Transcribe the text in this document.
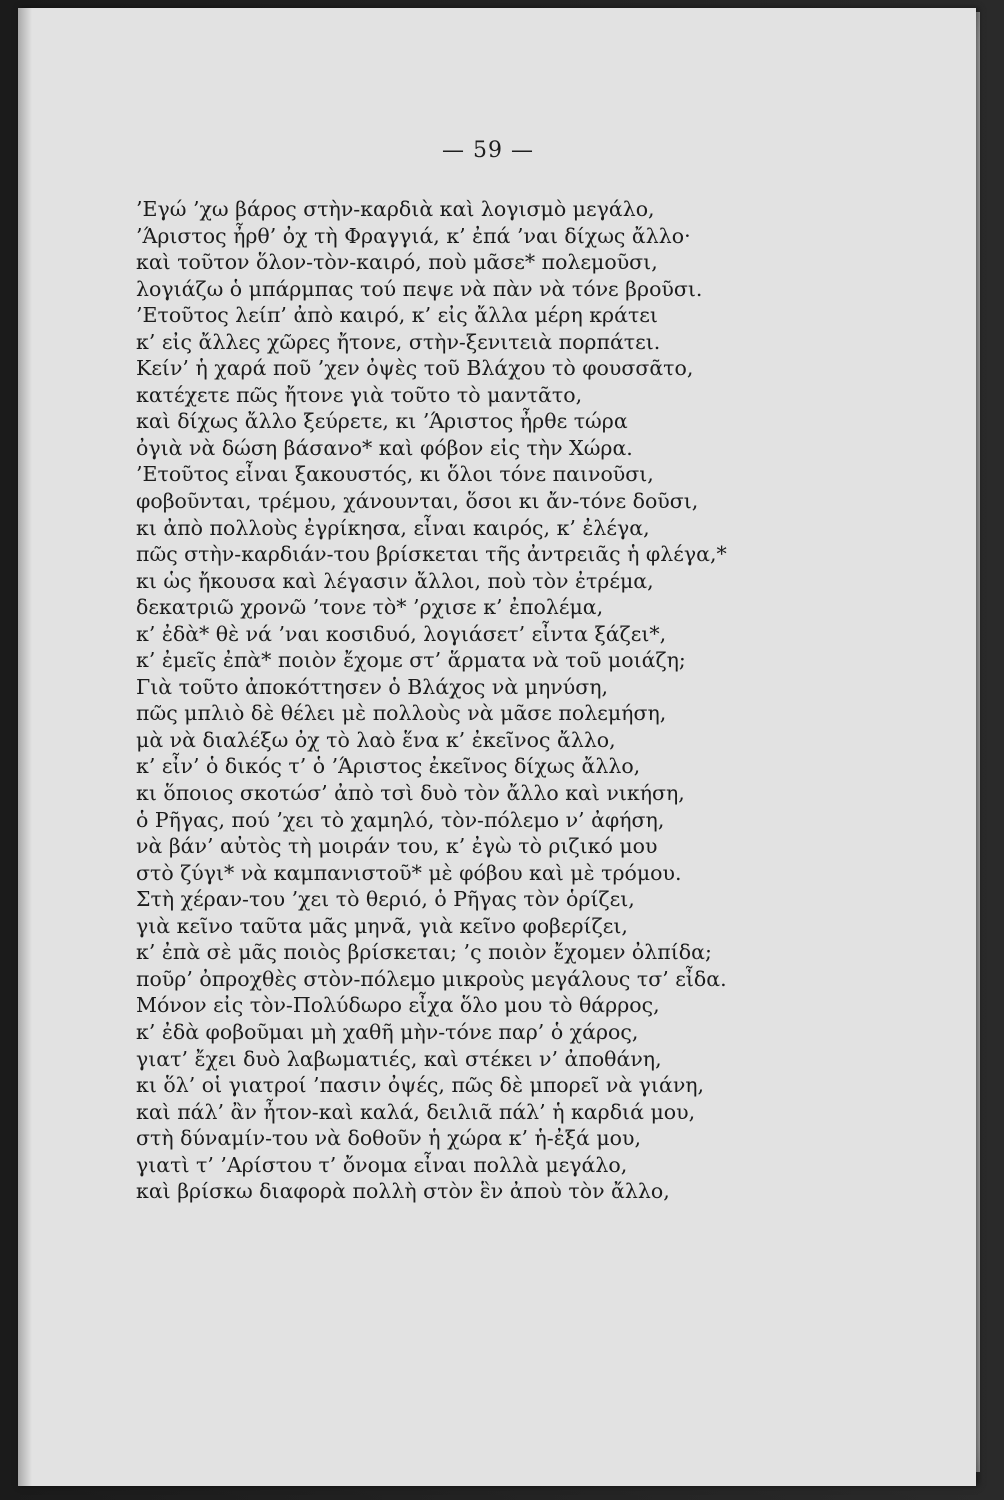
— 59 —
’Εγώ ’χω βάρος στὴν-καρδιὰ καὶ λογισμὸ μεγάλο,
’Άριστος ἦρθ’ ὀχ τὴ Φραγγιά, κ’ ἐπά ’ναι δίχως ἄλλο·
καὶ τοῦτον ὅλον-τὸν-καιρό, ποὺ μᾶσε* πολεμοῦσι,
λογιάζω ὁ μπάρμπας τού πεψε νὰ πὰν νὰ τόνε βροῦσι.
’Ετοῦτος λείπ’ ἀπὸ καιρό, κ’ εἰς ἄλλα μέρη κράτει
κ’ εἰς ἄλλες χῶρες ἤτονε, στὴν-ξενιτειὰ πορπάτει.
Κείν’ ἡ χαρά ποῦ ’χεν ὀψὲς τοῦ Βλάχου τὸ φουσσᾶτο,
κατέχετε πῶς ἤτονε γιὰ τοῦτο τὸ μαντᾶτο,
καὶ δίχως ἄλλο ξεύρετε, κι ’Άριστος ἦρθε τώρα
ὀγιὰ νὰ δώση βάσανο* καὶ φόβον εἰς τὴν Χώρα.
’Ετοῦτος εἶναι ξακουστός, κι ὅλοι τόνε παινοῦσι,
φοβοῦνται, τρέμου, χάνουνται, ὅσοι κι ἄν-τόνε δοῦσι,
κι ἀπὸ πολλοὺς ἐγρίκησα, εἶναι καιρός, κ’ ἐλέγα,
πῶς στὴν-καρδιάν-του βρίσκεται τῆς ἀντρειᾶς ἡ φλέγα,*
κι ὡς ἤκουσα καὶ λέγασιν ἄλλοι, ποὺ τὸν ἐτρέμα,
δεκατριῶ χρονῶ ’τονε τὸ* ’ρχισε κ’ ἐπολέμα,
κ’ ἐδὰ* θὲ νά ’ναι κοσιδυό, λογιάσετ’ εἶντα ξάζει*,
κ’ ἐμεῖς ἐπὰ* ποιὸν ἔχομε στ’ ἅρματα νὰ τοῦ μοιάζη;
Γιὰ τοῦτο ἀποκόττησεν ὁ Βλάχος νὰ μηνύση,
πῶς μπλιὸ δὲ θέλει μὲ πολλοὺς νὰ μᾶσε πολεμήση,
μὰ νὰ διαλέξω ὀχ τὸ λαὸ ἕνα κ’ ἐκεῖνος ἄλλο,
κ’ εἶν’ ὁ δικός τ’ ὁ ’Άριστος ἐκεῖνος δίχως ἄλλο,
κι ὅποιος σκοτώσ’ ἀπὸ τσὶ δυὸ τὸν ἄλλο καὶ νικήση,
ὁ Ρῆγας, πού ’χει τὸ χαμηλό, τὸν-πόλεμο ν’ ἀφήση,
νὰ βάν’ αὐτὸς τὴ μοιράν του, κ’ ἐγὼ τὸ ριζικό μου
στὸ ζύγι* νὰ καμπανιστοῦ* μὲ φόβου καὶ μὲ τρόμου.
Στὴ χέραν-του ’χει τὸ θεριό, ὁ Ρῆγας τὸν ὁρίζει,
γιὰ κεῖνο ταῦτα μᾶς μηνᾶ, γιὰ κεῖνο φοβερίζει,
κ’ ἐπὰ σὲ μᾶς ποιὸς βρίσκεται; ’ς ποιὸν ἔχομεν ὀλπίδα;
ποῦρ’ ὀπροχθὲς στὸν-πόλεμο μικροὺς μεγάλους τσ’ εἶδα.
Μόνον εἰς τὸν-Πολύδωρο εἶχα ὅλο μου τὸ θάρρος,
κ’ ἐδὰ φοβοῦμαι μὴ χαθῆ μὴν-τόνε παρ’ ὁ χάρος,
γιατ’ ἔχει δυὸ λαβωματιές, καὶ στέκει ν’ ἀποθάνη,
κι ὅλ’ οἱ γιατροί ’πασιν ὀψές, πῶς δὲ μπορεῖ νὰ γιάνη,
καὶ πάλ’ ἂν ἦτον-καὶ καλά, δειλιᾶ πάλ’ ἡ καρδιά μου,
στὴ δύναμίν-του νὰ δοθοῦν ἡ χώρα κ’ ἡ-ἐξά μου,
γιατὶ τ’ ’Αρίστου τ’ ὄνομα εἶναι πολλὰ μεγάλο,
καὶ βρίσκω διαφορὰ πολλὴ στὸν ἓν ἀποὺ τὸν ἄλλο,
